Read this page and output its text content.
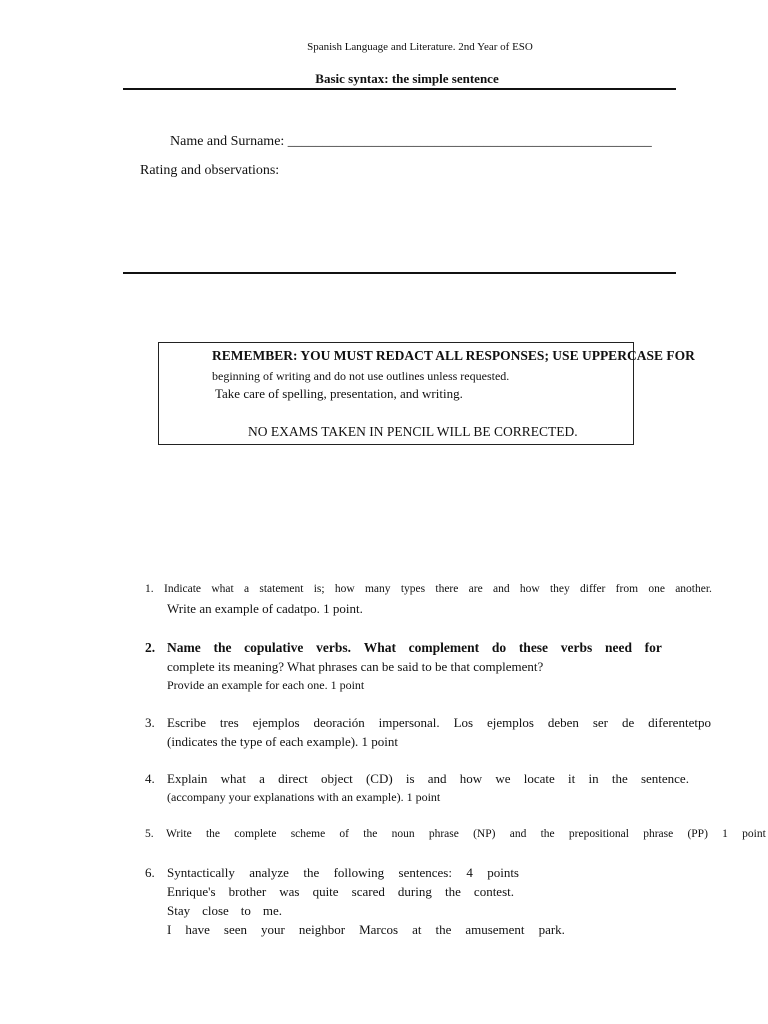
Spanish Language and Literature. 2nd Year of ESO
Basic syntax: the simple sentence
Name and Surname: ____________________________________________________
Rating and observations:
REMEMBER: YOU MUST REDACT ALL RESPONSES; USE UPPERCASE FOR
beginning of writing and do not use outlines unless requested.
Take care of spelling, presentation, and writing.
NO EXAMS TAKEN IN PENCIL WILL BE CORRECTED.
1. Indicate what a statement is; how many types there are and how they differ from one another.
Write an example of cadatpo. 1 point.
2. Name the copulative verbs. What complement do these verbs need for
complete its meaning? What phrases can be said to be that complement?
Provide an example for each one. 1 point
3. Escribe tres ejemplos deoración impersonal. Los ejemplos deben ser de diferentetpo
(indicates the type of each example). 1 point
4. Explain what a direct object (CD) is and how we locate it in the sentence.
(accompany your explanations with an example). 1 point
5. Write the complete scheme of the noun phrase (NP) and the prepositional phrase (PP) 1 point
6. Syntactically analyze the following sentences: 4 points
Enrique's brother was quite scared during the contest.
Stay close to me.
I have seen your neighbor Marcos at the amusement park.
